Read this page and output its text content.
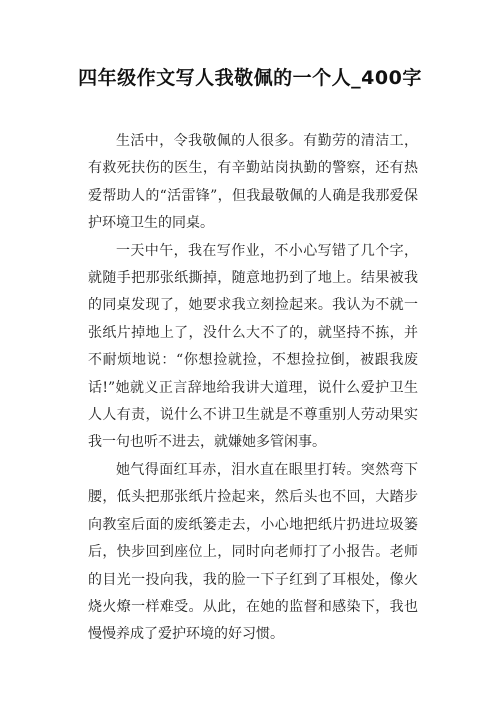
四年级作文写人我敬佩的一个人_400字

生活中，令我敬佩的人很多。有勤劳的清洁工，有救死扶伤的医生，有辛勤站岗执勤的警察，还有热爱帮助人的“活雷锋”，但我最敬佩的人确是我那爱保护环境卫生的同桌。

一天中午，我在写作业，不小心写错了几个字，就随手把那张纸撕掉，随意地扔到了地上。结果被我的同桌发现了，她要求我立刻捡起来。我认为不就一张纸片掉地上了，没什么大不了的，就坚持不拣，并不耐烦地说：“你想捡就捡，不想捡拉倒，被跟我废话!”她就义正言辞地给我讲大道理，说什么爱护卫生人人有责，说什么不讲卫生就是不尊重别人劳动果实我一句也听不进去，就嫌她多管闲事。

她气得面红耳赤，泪水直在眼里打转。突然弯下腰，低头把那张纸片捡起来，然后头也不回，大踏步向教室后面的废纸篓走去，小心地把纸片扔进垃圾篓后，快步回到座位上，同时向老师打了小报告。老师的目光一投向我，我的脸一下子红到了耳根处，像火烧火燎一样难受。从此，在她的监督和感染下，我也慢慢养成了爱护环境的好习惯。
